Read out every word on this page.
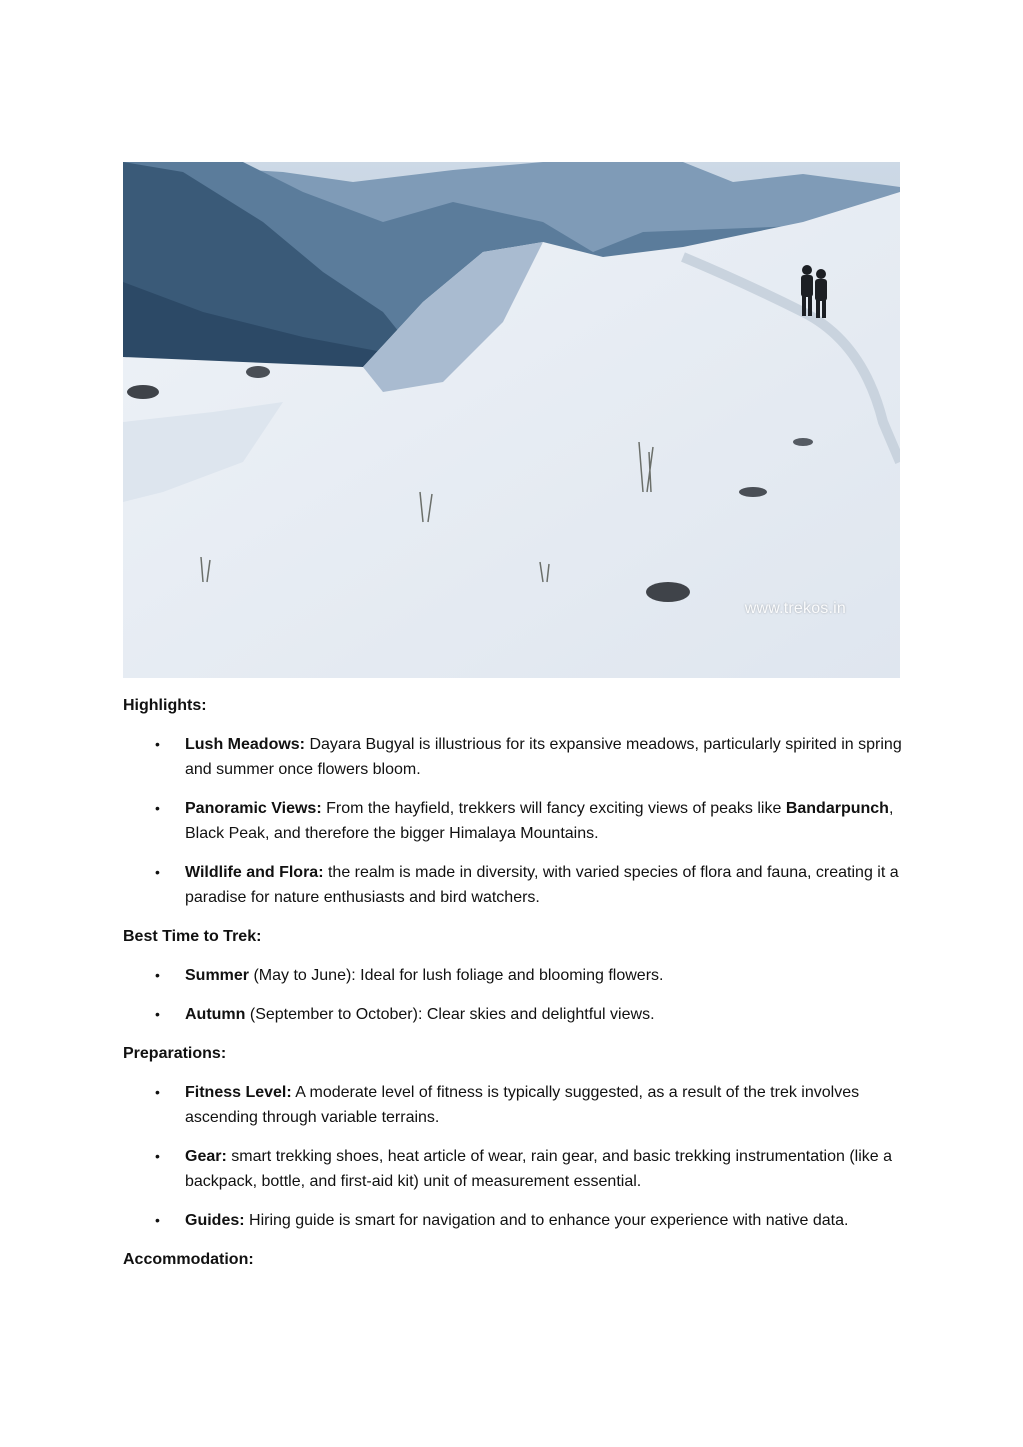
www.trekos.in

Highlights:

• Lush Meadows: Dayara Bugyal is illustrious for its expansive meadows, particularly spirited in spring and summer once flowers bloom.
• Panoramic Views: From the hayfield, trekkers will fancy exciting views of peaks like Bandarpunch, Black Peak, and therefore the bigger Himalaya Mountains.
• Wildlife and Flora: the realm is made in diversity, with varied species of flora and fauna, creating it a paradise for nature enthusiasts and bird watchers.

Best Time to Trek:

• Summer (May to June): Ideal for lush foliage and blooming flowers.
• Autumn (September to October): Clear skies and delightful views.

Preparations:

• Fitness Level: A moderate level of fitness is typically suggested, as a result of the trek involves ascending through variable terrains.
• Gear: smart trekking shoes, heat article of wear, rain gear, and basic trekking instrumentation (like a backpack, bottle, and first-aid kit) unit of measurement essential.
• Guides: Hiring guide is smart for navigation and to enhance your experience with native data.

Accommodation:
